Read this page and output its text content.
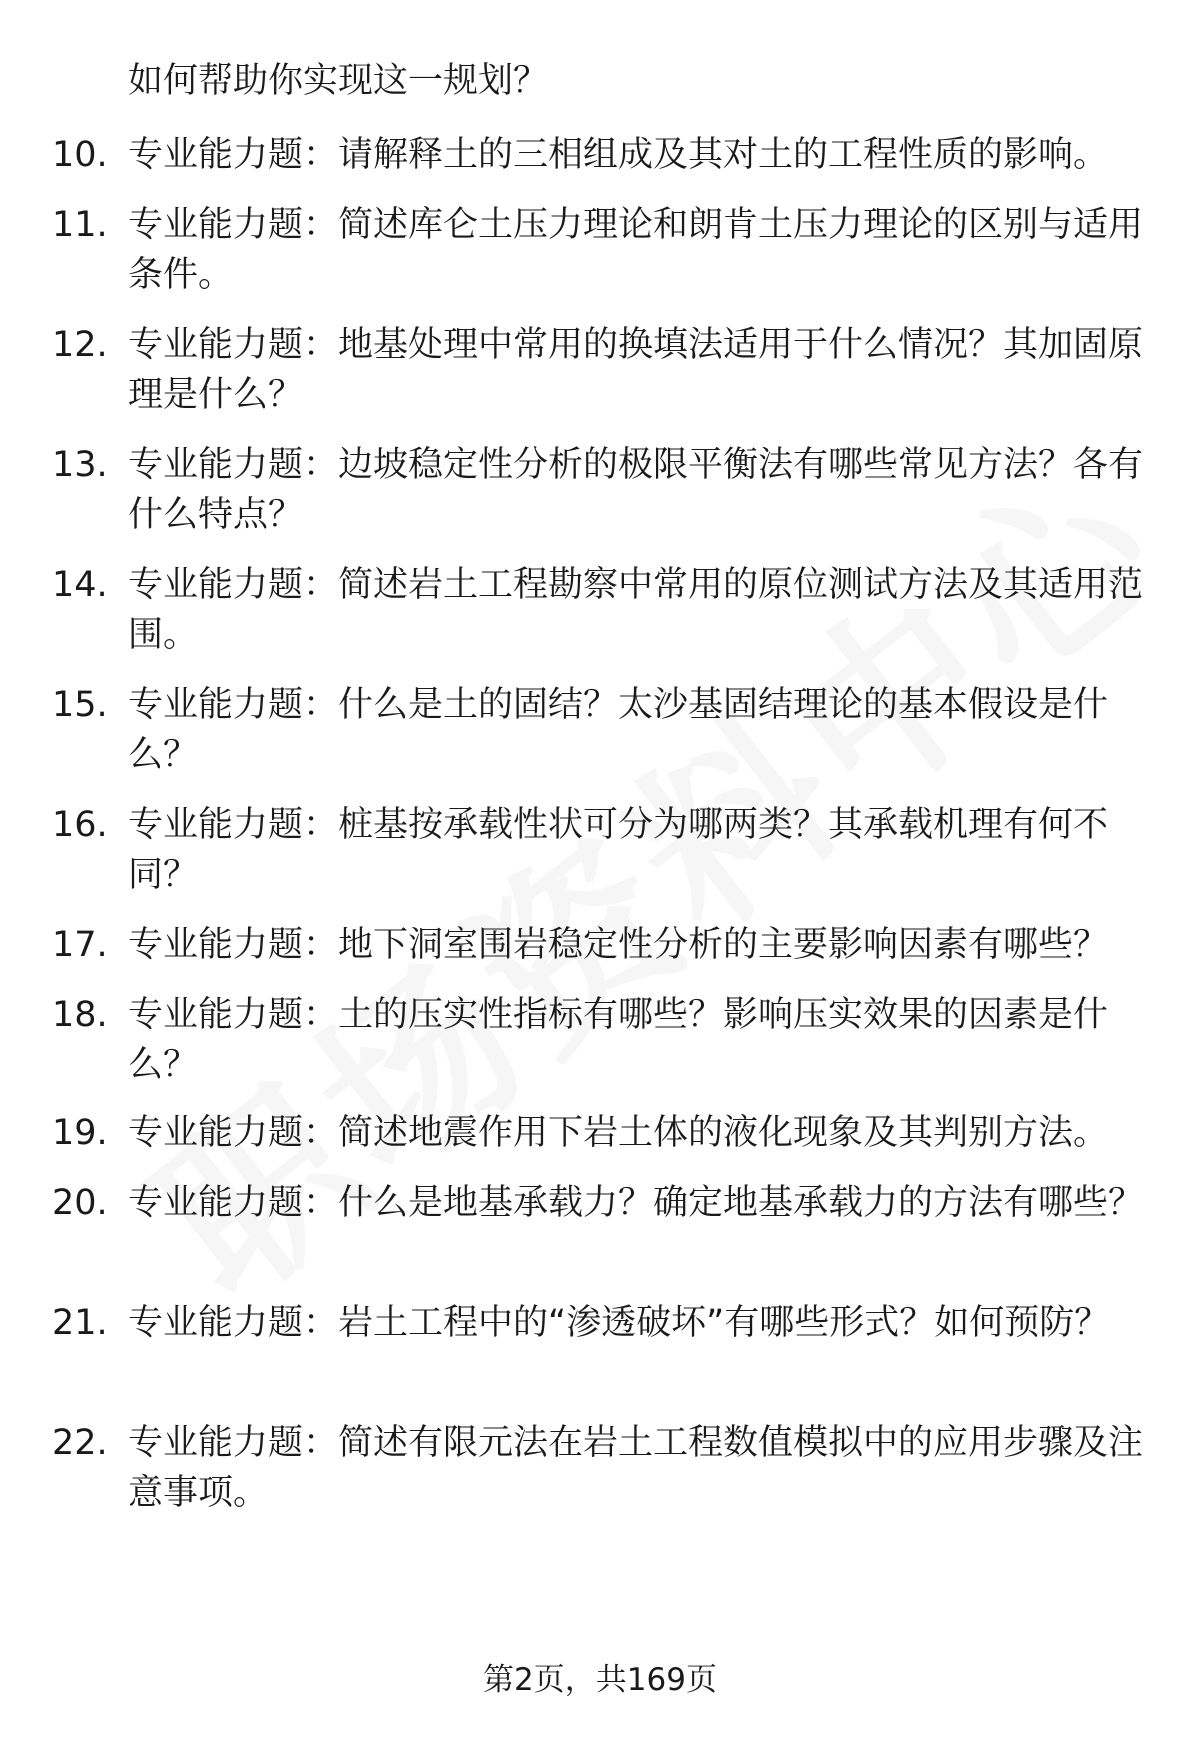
如何帮助你实现这一规划？
10. 专业能力题：请解释土的三相组成及其对土的工程性质的影响。
11. 专业能力题：简述库仑土压力理论和朗肯土压力理论的区别与适用条件。
12. 专业能力题：地基处理中常用的换填法适用于什么情况？其加固原理是什么？
13. 专业能力题：边坡稳定性分析的极限平衡法有哪些常见方法？各有什么特点？
14. 专业能力题：简述岩土工程勘察中常用的原位测试方法及其适用范围。
15. 专业能力题：什么是土的固结？太沙基固结理论的基本假设是什么？
16. 专业能力题：桩基按承载性状可分为哪两类？其承载机理有何不同？
17. 专业能力题：地下洞室围岩稳定性分析的主要影响因素有哪些？
18. 专业能力题：土的压实性指标有哪些？影响压实效果的因素是什么？
19. 专业能力题：简述地震作用下岩土体的液化现象及其判别方法。
20. 专业能力题：什么是地基承载力？确定地基承载力的方法有哪些？
21. 专业能力题：岩土工程中的“渗透破坏”有哪些形式？如何预防？
22. 专业能力题：简述有限元法在岩土工程数值模拟中的应用步骤及注意事项。
第2页，共169页
